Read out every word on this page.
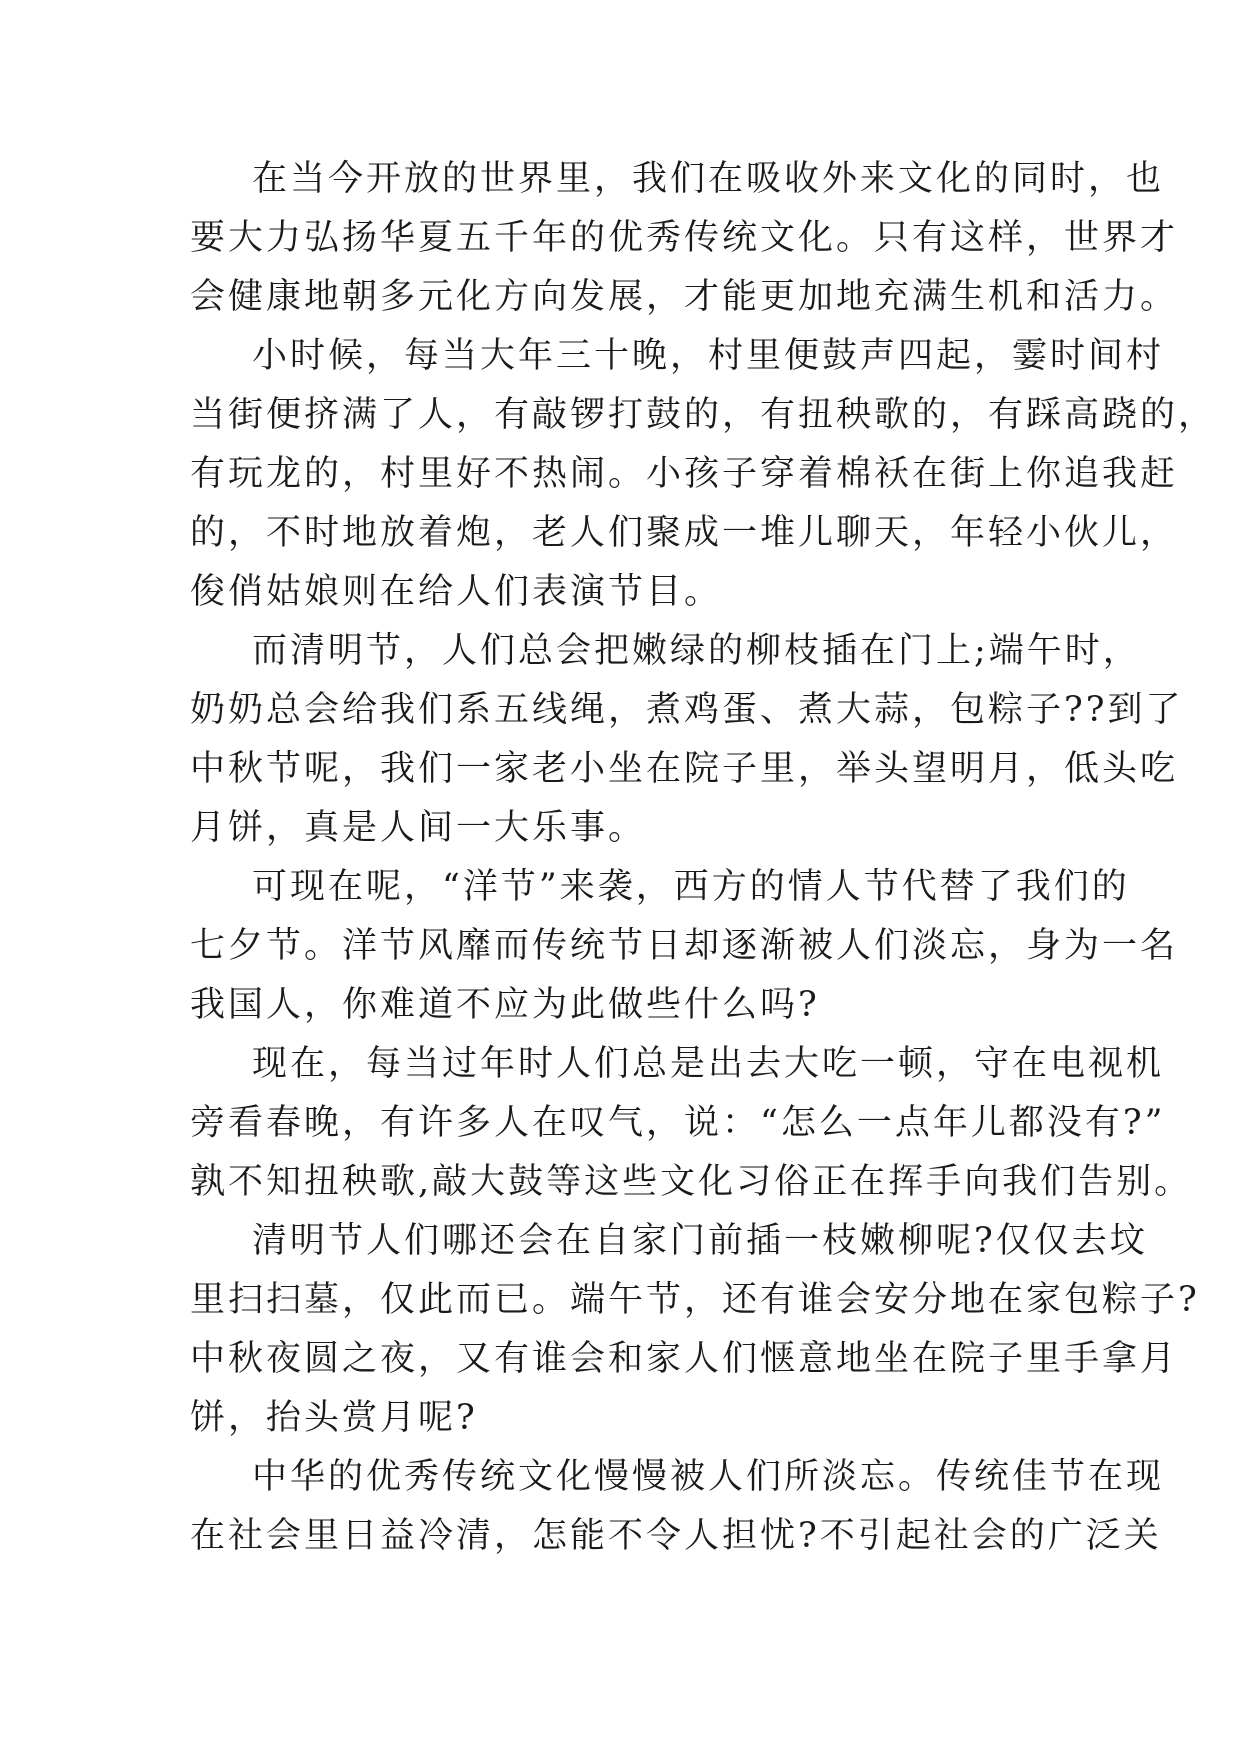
在当今开放的世界里，我们在吸收外来文化的同时，也
要大力弘扬华夏五千年的优秀传统文化。只有这样，世界才
会健康地朝多元化方向发展，才能更加地充满生机和活力。
小时候，每当大年三十晚，村里便鼓声四起，霎时间村
当街便挤满了人，有敲锣打鼓的，有扭秧歌的，有踩高跷的，
有玩龙的，村里好不热闹。小孩子穿着棉袄在街上你追我赶
的，不时地放着炮，老人们聚成一堆儿聊天，年轻小伙儿，
俊俏姑娘则在给人们表演节目。
而清明节，人们总会把嫩绿的柳枝插在门上;端午时，
奶奶总会给我们系五线绳，煮鸡蛋、煮大蒜，包粽子??到了
中秋节呢，我们一家老小坐在院子里，举头望明月，低头吃
月饼，真是人间一大乐事。
可现在呢，“洋节”来袭，西方的情人节代替了我们的
七夕节。洋节风靡而传统节日却逐渐被人们淡忘，身为一名
我国人，你难道不应为此做些什么吗?
现在，每当过年时人们总是出去大吃一顿，守在电视机
旁看春晚，有许多人在叹气，说：“怎么一点年儿都没有?”
孰不知扭秧歌,敲大鼓等这些文化习俗正在挥手向我们告别。
清明节人们哪还会在自家门前插一枝嫩柳呢?仅仅去坟
里扫扫墓，仅此而已。端午节，还有谁会安分地在家包粽子?
中秋夜圆之夜，又有谁会和家人们惬意地坐在院子里手拿月
饼，抬头赏月呢?
中华的优秀传统文化慢慢被人们所淡忘。传统佳节在现
在社会里日益冷清，怎能不令人担忧?不引起社会的广泛关
